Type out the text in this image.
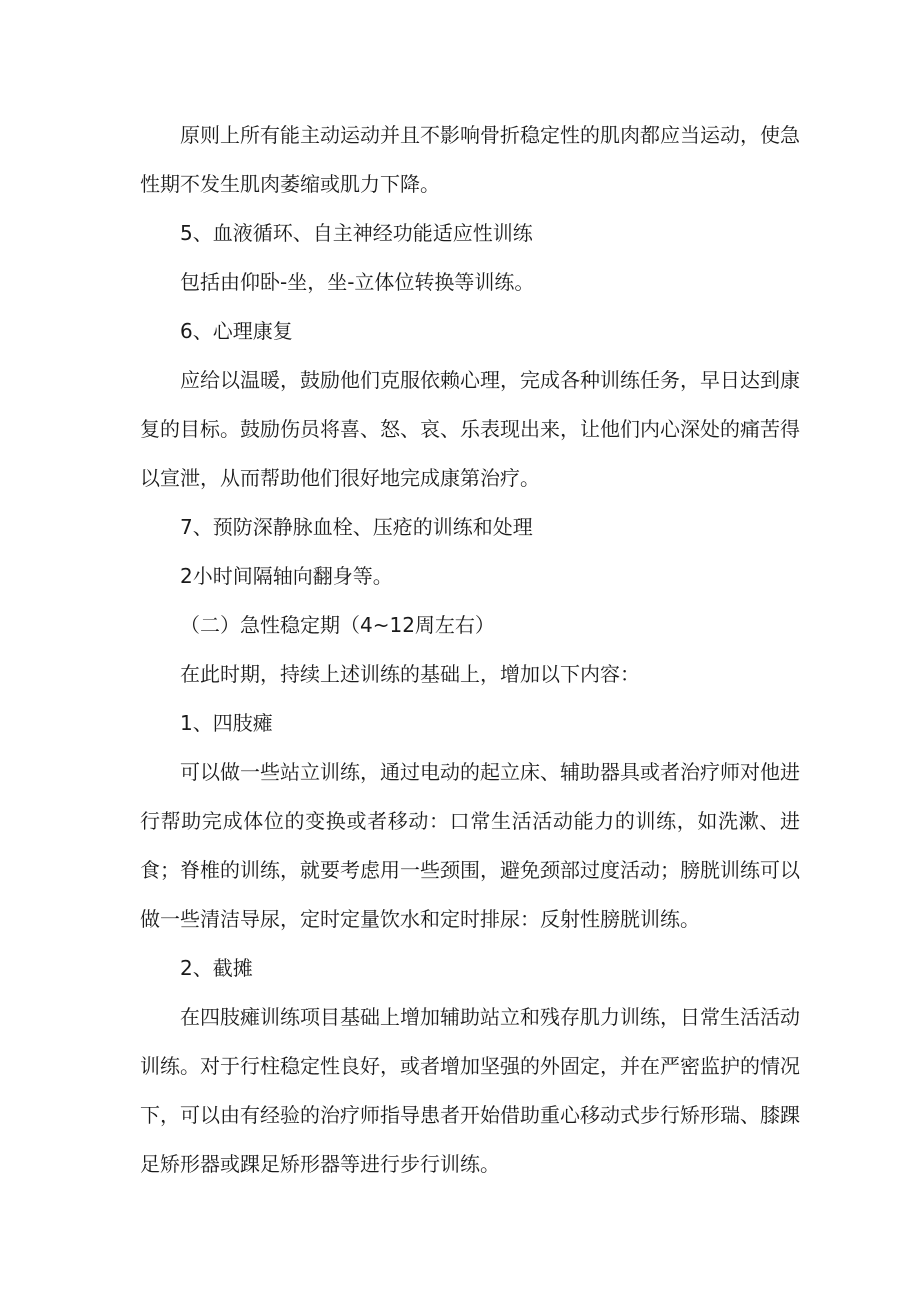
原则上所有能主动运动并且不影响骨折稳定性的肌肉都应当运动，使急性期不发生肌肉萎缩或肌力下降。

5、血液循环、自主神经功能适应性训练

包括由仰卧-坐，坐-立体位转换等训练。

6、心理康复

应给以温暖，鼓励他们克服依赖心理，完成各种训练任务，早日达到康复的目标。鼓励伤员将喜、怒、哀、乐表现出来，让他们内心深处的痛苦得以宣泄，从而帮助他们很好地完成康第治疗。

7、预防深静脉血栓、压疮的训练和处理

2小时间隔轴向翻身等。

（二）急性稳定期（4~12周左右）

在此时期，持续上述训练的基础上，增加以下内容：

1、四肢瘫

可以做一些站立训练，通过电动的起立床、辅助器具或者治疗师对他进行帮助完成体位的变换或者移动：口常生活活动能力的训练，如洗漱、进食；脊椎的训练，就要考虑用一些颈围，避免颈部过度活动；膀胱训练可以做一些清洁导尿，定时定量饮水和定时排尿：反射性膀胱训练。

2、截摊

在四肢瘫训练项目基础上增加辅助站立和残存肌力训练，日常生活活动训练。对于行柱稳定性良好，或者增加坚强的外固定，并在严密监护的情况下，可以由有经验的治疗师指导患者开始借助重心移动式步行矫形瑞、膝踝足矫形器或踝足矫形器等进行步行训练。
